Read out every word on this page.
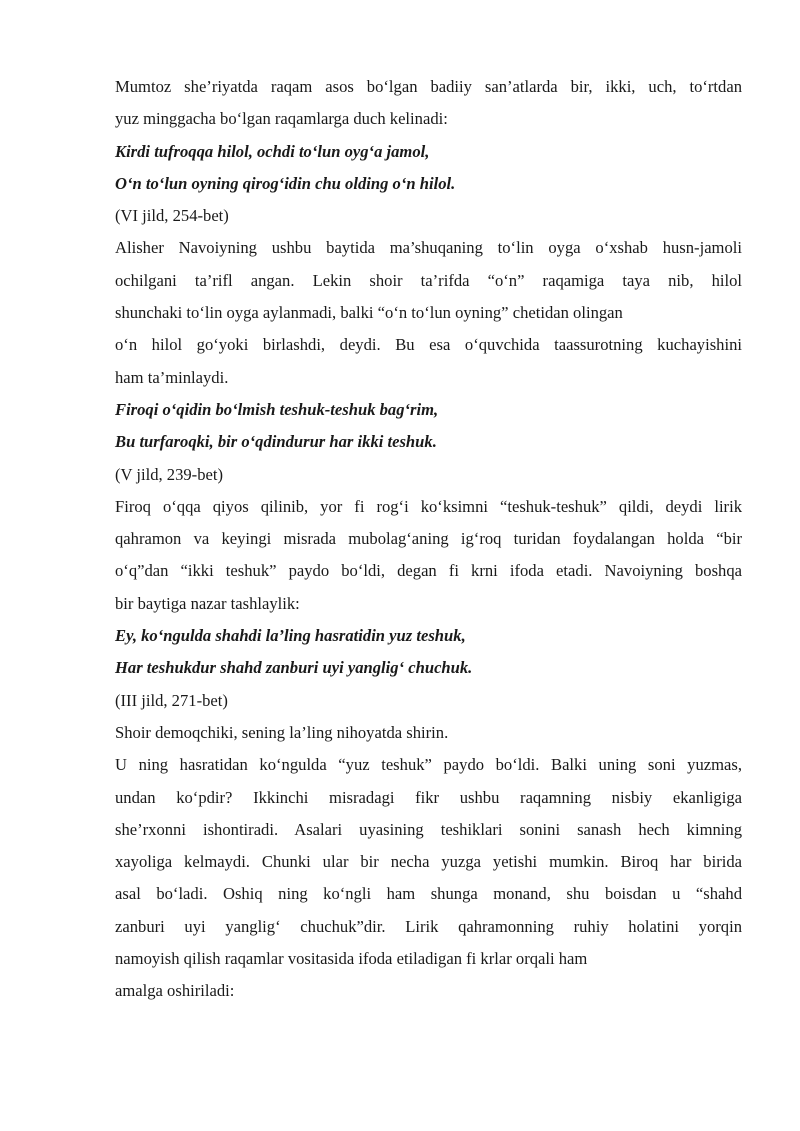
Mumtoz she’riyatda raqam asos bo‘lgan badiiy san’atlarda bir, ikki, uch, to‘rtdan
yuz minggacha bo‘lgan raqamlarga duch kelinadi:
Kirdi tufroqqa hilol, ochdi to‘lun oyg‘a jamol,
O‘n to‘lun oyning qirog‘idin chu olding o‘n hilol.
(VI jild, 254-bet)
Alisher Navoiyning ushbu baytida ma’shuqaning to‘lin oyga o‘xshab husn-jamoli
ochilgani ta’rifl angan. Lekin shoir ta’rifda “o‘n” raqamiga taya nib, hilol
shunchaki to‘lin oyga aylanmadi, balki “o‘n to‘lun oyning” chetidan olingan
o‘n hilol go‘yoki birlashdi, deydi. Bu esa o‘quvchida taassurotning kuchayishini
ham ta’minlaydi.
Firoqi o‘qidin bo‘lmish teshuk-teshuk bag‘rim,
Bu turfaroqki, bir o‘qdindurur har ikki teshuk.
(V jild, 239-bet)
Firoq o‘qqa qiyos qilinib, yor fi rog‘i ko‘ksimni “teshuk-teshuk” qildi, deydi lirik
qahramon va keyingi misrada mubolag‘aning ig‘roq turidan foydalangan holda “bir
o‘q”dan “ikki teshuk” paydo bo‘ldi, degan fi krni ifoda etadi. Navoiyning boshqa
bir baytiga nazar tashlaylik:
Ey, ko‘ngulda shahdi la’ling hasratidin yuz teshuk,
Har teshukdur shahd zanburi uyi yanglig‘ chuchuk.
(III jild, 271-bet)
Shoir demoqchiki, sening la’ling nihoyatda shirin.
U ning hasratidan ko‘ngulda “yuz teshuk” paydo bo‘ldi. Balki uning soni yuzmas,
undan ko‘pdir? Ikkinchi misradagi fikr ushbu raqamning nisbiy ekanligiga
she’rxonni ishontiradi. Asalari uyasining teshiklari sonini sanash hech kimning
xayoliga kelmaydi. Chunki ular bir necha yuzga yetishi mumkin. Biroq har birida
asal bo‘ladi. Oshiq ning ko‘ngli ham shunga monand, shu boisdan u “shahd
zanburi uyi yanglig‘ chuchuk”dir. Lirik qahramonning ruhiy holatini yorqin
namoyish qilish raqamlar vositasida ifoda etiladigan fi krlar orqali ham
amalga oshiriladi:
